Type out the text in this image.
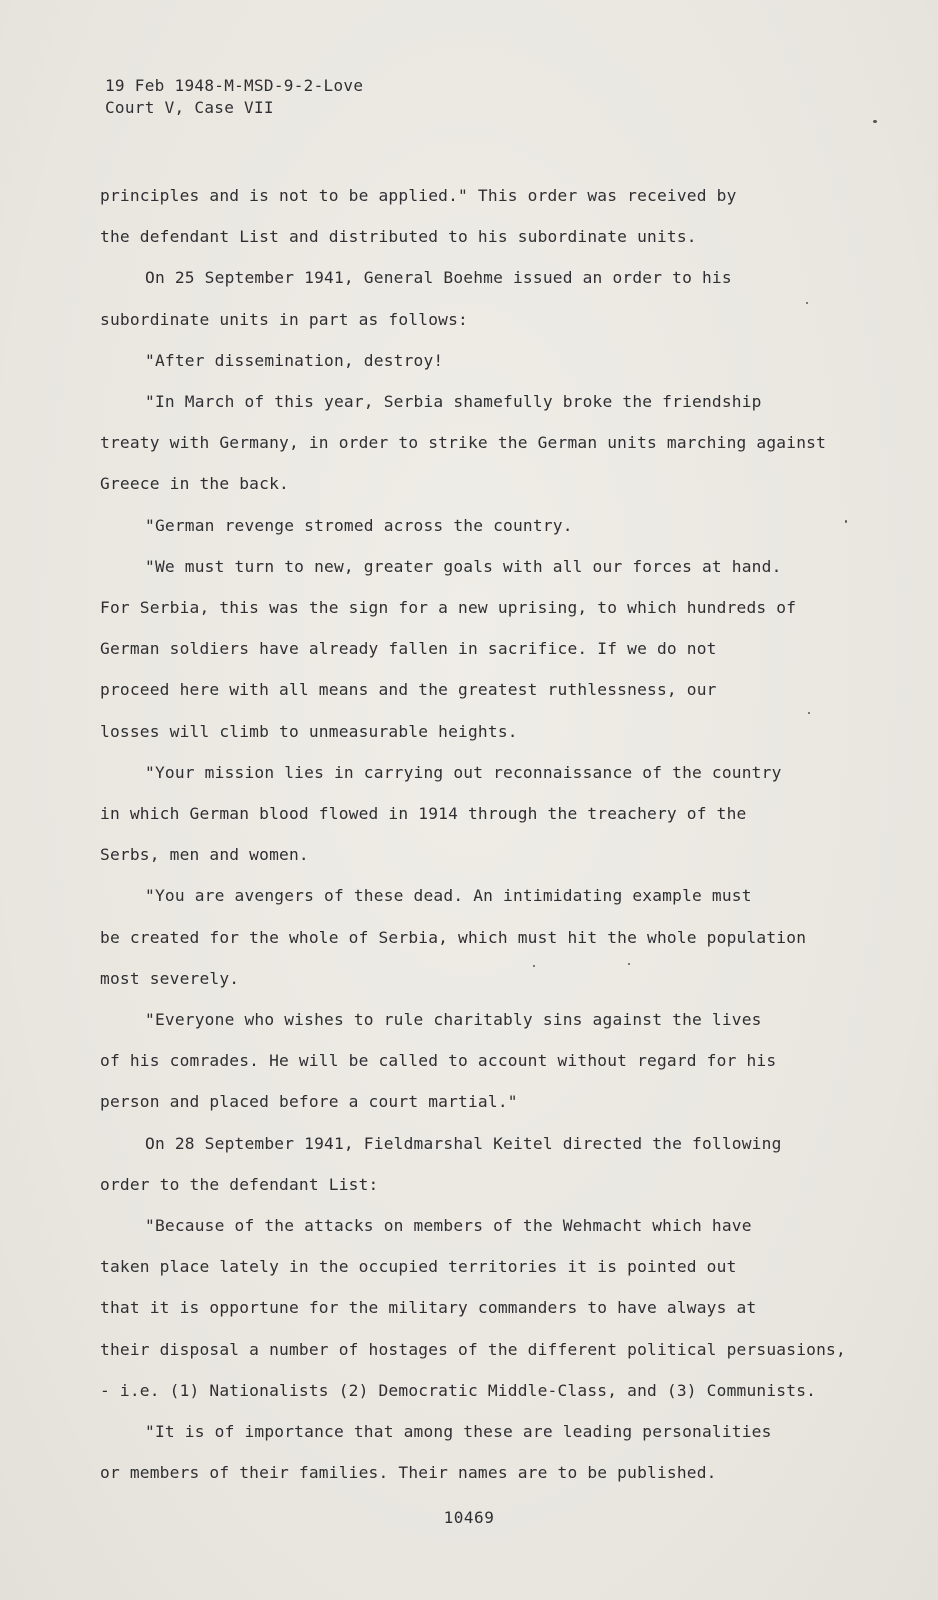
19 Feb 1948-M-MSD-9-2-Love
Court V, Case VII
principles and is not to be applied." This order was received by
the defendant List and distributed to his subordinate units.
On 25 September 1941, General Boehme issued an order to his
subordinate units in part as follows:
"After dissemination, destroy!
"In March of this year, Serbia shamefully broke the friendship
treaty with Germany, in order to strike the German units marching against
Greece in the back.
"German revenge stromed across the country.
"We must turn to new, greater goals with all our forces at hand.
For Serbia, this was the sign for a new uprising, to which hundreds of
German soldiers have already fallen in sacrifice. If we do not
proceed here with all means and the greatest ruthlessness, our
losses will climb to unmeasurable heights.
"Your mission lies in carrying out reconnaissance of the country
in which German blood flowed in 1914 through the treachery of the
Serbs, men and women.
"You are avengers of these dead. An intimidating example must
be created for the whole of Serbia, which must hit the whole population
most severely.
"Everyone who wishes to rule charitably sins against the lives
of his comrades. He will be called to account without regard for his
person and placed before a court martial."
On 28 September 1941, Fieldmarshal Keitel directed the following
order to the defendant List:
"Because of the attacks on members of the Wehmacht which have
taken place lately in the occupied territories it is pointed out
that it is opportune for the military commanders to have always at
their disposal a number of hostages of the different political persuasions,
- i.e. (1) Nationalists (2) Democratic Middle-Class, and (3) Communists.
"It is of importance that among these are leading personalities
or members of their families. Their names are to be published.
10469
